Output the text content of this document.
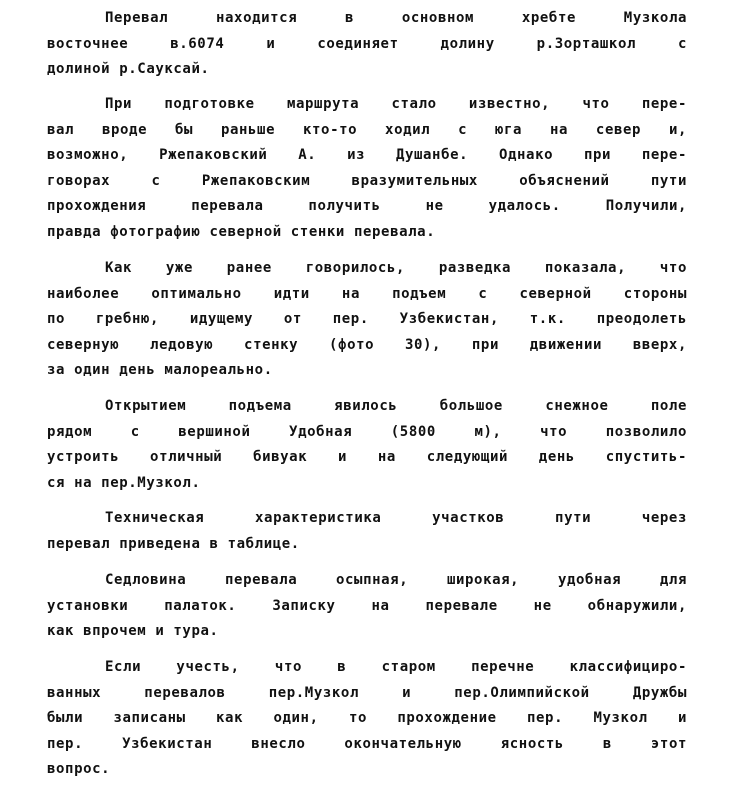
Перевал находится в основном хребте Музкола
восточнее в.6074 и соединяет долину р.Зорташкол с
долиной р.Сауксай.
При подготовке маршрута стало известно, что пере-
вал вроде бы раньше кто-то ходил с юга на север и,
возможно, Ржепаковский А. из Душанбе. Однако при пере-
говорах с Ржепаковским вразумительных объяснений пути
прохождения перевала получить не удалось. Получили,
правда фотографию северной стенки перевала.
Как уже ранее говорилось, разведка показала, что
наиболее оптимально идти на подъем с северной стороны
по гребню, идущему от пер. Узбекистан, т.к. преодолеть
северную ледовую стенку (фото 30), при движении вверх,
за один день малореально.
Открытием подъема явилось большое снежное поле
рядом с вершиной Удобная (5800 м), что позволило
устроить отличный бивуак и на следующий день спустить-
ся на пер.Музкол.
Техническая характеристика участков пути через
перевал приведена в таблице.
Седловина перевала осыпная, широкая, удобная для
установки палаток. Записку на перевале не обнаружили,
как впрочем и тура.
Если учесть, что в старом перечне классифициро-
ванных перевалов пер.Музкол и пер.Олимпийской Дружбы
были записаны как один, то прохождение пер. Музкол и
пер. Узбекистан внесло окончательную ясность в этот
вопрос.
